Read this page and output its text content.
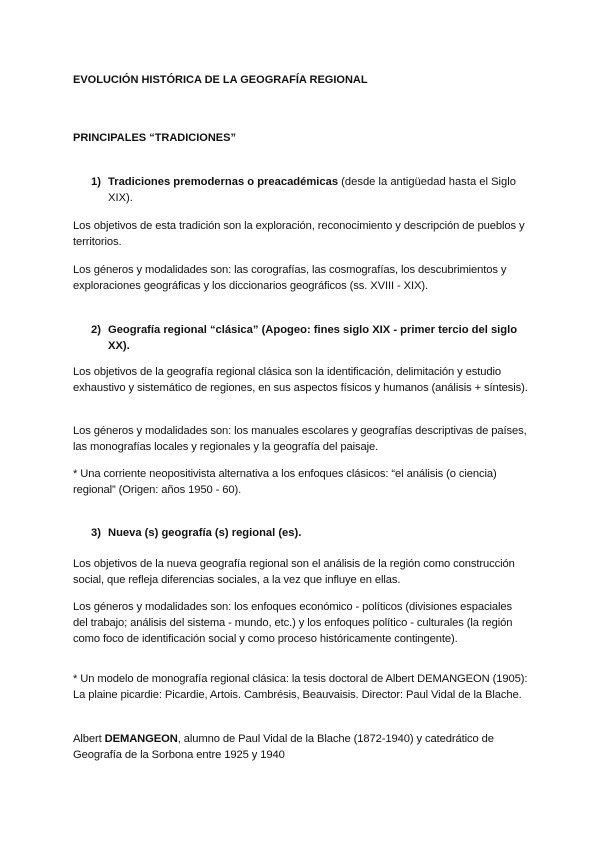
EVOLUCIÓN HISTÓRICA DE LA GEOGRAFÍA REGIONAL
PRINCIPALES “TRADICIONES”
1) Tradiciones premodernas o preacadémicas (desde la antigüedad hasta el Siglo XIX).
Los objetivos de esta tradición son la exploración, reconocimiento y descripción de pueblos y territorios.
Los géneros y modalidades son: las corografías, las cosmografías, los descubrimientos y exploraciones geográficas y los diccionarios geográficos (ss. XVIII - XIX).
2) Geografía regional “clásica” (Apogeo: fines siglo XIX - primer tercio del siglo XX).
Los objetivos de la geografía regional clásica son la identificación, delimitación y estudio exhaustivo y sistemático de regiones, en sus aspectos físicos y humanos (análisis + síntesis).
Los géneros y modalidades son: los manuales escolares y geografías descriptivas de países, las monografías locales y regionales y la geografía del paisaje.
* Una corriente neopositivista alternativa a los enfoques clásicos: “el análisis (o ciencia) regional” (Origen: años 1950 - 60).
3) Nueva (s) geografía (s) regional (es).
Los objetivos de la nueva geografía regional son el análisis de la región como construcción social, que refleja diferencias sociales, a la vez que influye en ellas.
Los géneros y modalidades son: los enfoques económico - políticos (divisiones espaciales del trabajo; análisis del sistema - mundo, etc.) y los enfoques político - culturales (la región como foco de identificación social y como proceso históricamente contingente).
* Un modelo de monografía regional clásica: la tesis doctoral de Albert DEMANGEON (1905): La plaine picardie: Picardie, Artois. Cambrésis, Beauvaisis. Director: Paul Vidal de la Blache.
Albert DEMANGEON, alumno de Paul Vidal de la Blache (1872-1940) y catedrático de Geografía de la Sorbona entre 1925 y 1940
